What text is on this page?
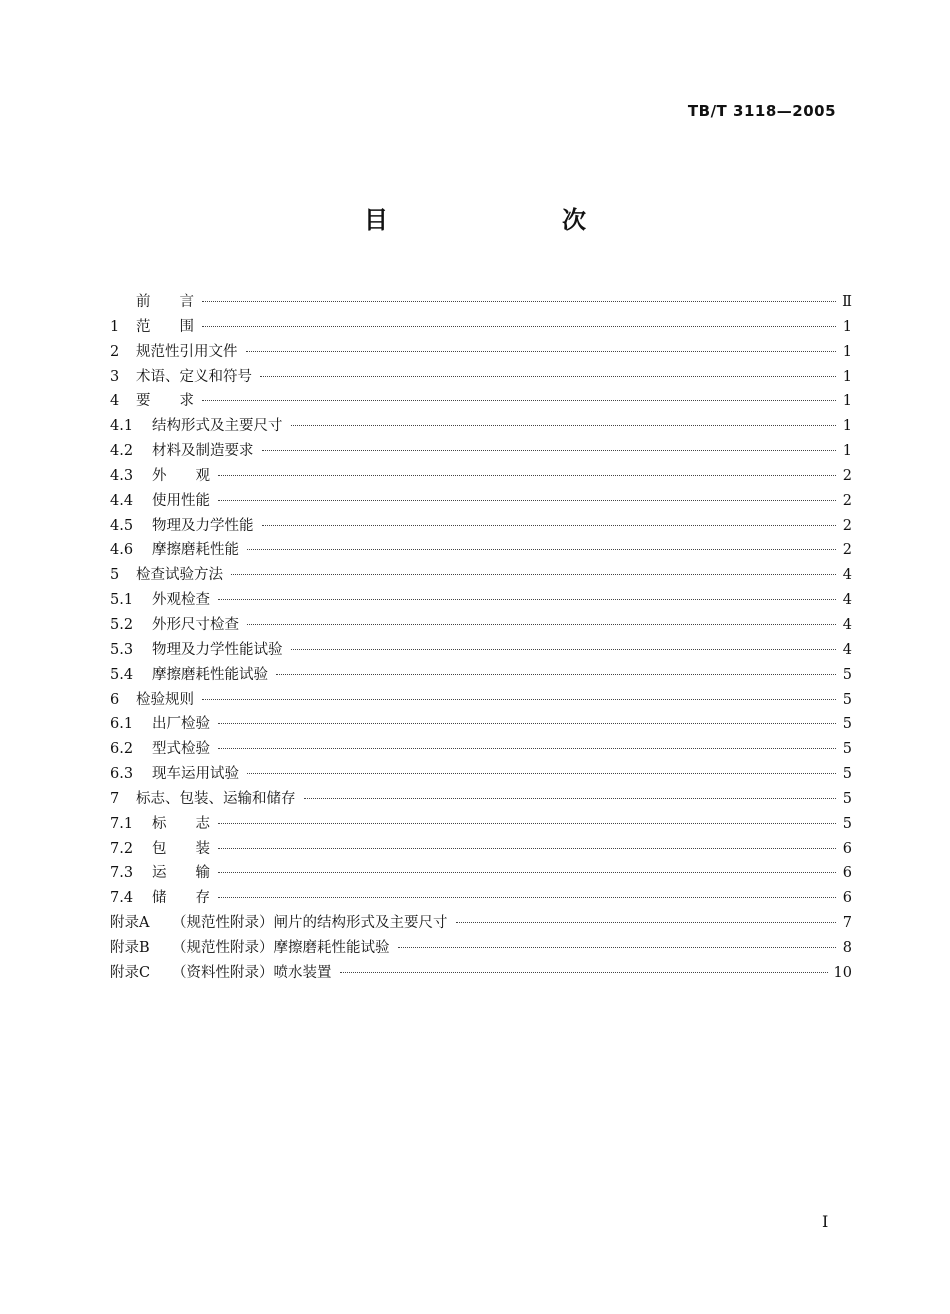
TB/T 3118—2005
目　　次
前　　言	Ⅱ
1	范　　围	1
2	规范性引用文件	1
3	术语、定义和符号	1
4	要　　求	1
4.1	结构形式及主要尺寸	1
4.2	材料及制造要求	1
4.3	外　　观	2
4.4	使用性能	2
4.5	物理及力学性能	2
4.6	摩擦磨耗性能	2
5	检查试验方法	4
5.1	外观检查	4
5.2	外形尺寸检查	4
5.3	物理及力学性能试验	4
5.4	摩擦磨耗性能试验	5
6	检验规则	5
6.1	出厂检验	5
6.2	型式检验	5
6.3	现车运用试验	5
7	标志、包装、运输和储存	5
7.1	标　　志	5
7.2	包　　装	6
7.3	运　　输	6
7.4	储　　存	6
附录A	（规范性附录）闸片的结构形式及主要尺寸	7
附录B	（规范性附录）摩擦磨耗性能试验	8
附录C	（资料性附录）喷水装置	10
I
